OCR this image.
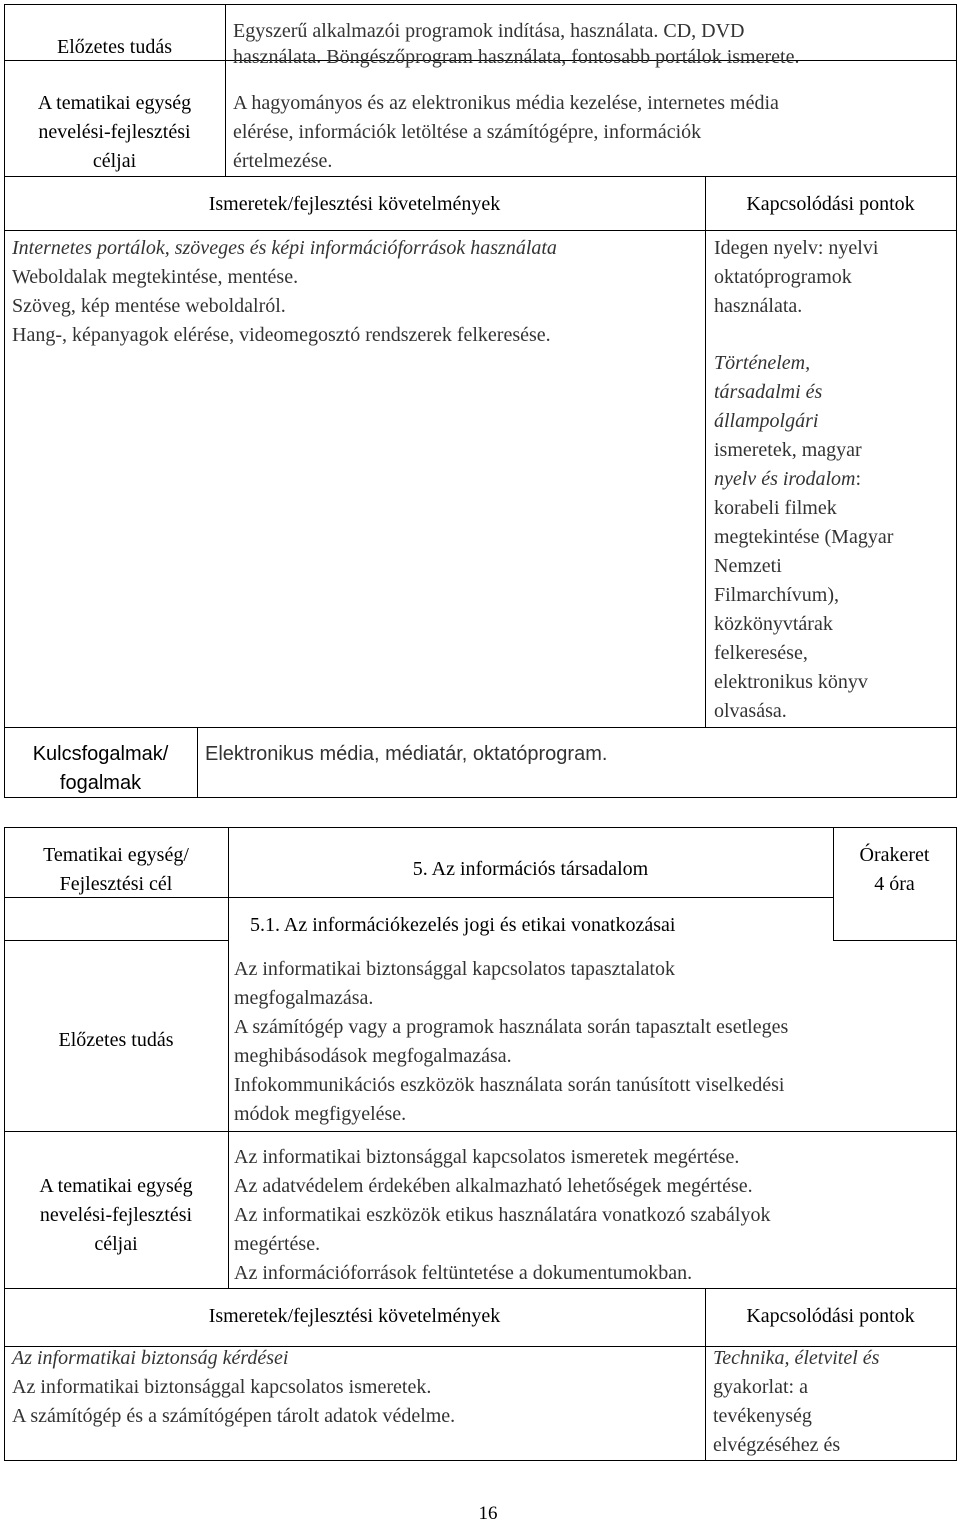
Előzetes tudás
Egyszerű alkalmazói programok indítása, használata. CD, DVD
használata. Böngészőprogram használata, fontosabb portálok ismerete.
A tematikai egység
nevelési-fejlesztési
céljai
A hagyományos és az elektronikus média kezelése, internetes média
elérése, információk letöltése a számítógépre, információk
értelmezése.
Ismeretek/fejlesztési követelmények	Kapcsolódási pontok
Internetes portálok, szöveges és képi információforrások használata
Weboldalak megtekintése, mentése.
Szöveg, kép mentése weboldalról.
Hang-, képanyagok elérése, videomegosztó rendszerek felkeresése.
Idegen nyelv: nyelvi
oktatóprogramok
használata.
Történelem,
társadalmi és
állampolgári
ismeretek, magyar
nyelv és irodalom:
korabeli filmek
megtekintése (Magyar
Nemzeti
Filmarchívum),
közkönyvtárak
felkeresése,
elektronikus könyv
olvasása.
Kulcsfogalmak/
fogalmak
Elektronikus média, médiatár, oktatóprogram.
Tematikai egység/
Fejlesztési cél
5. Az információs társadalom
Órakeret
4 óra
5.1. Az információkezelés jogi és etikai vonatkozásai
Előzetes tudás
Az informatikai biztonsággal kapcsolatos tapasztalatok
megfogalmazása.
A számítógép vagy a programok használata során tapasztalt esetleges
meghibásodások megfogalmazása.
Infokommunikációs eszközök használata során tanúsított viselkedési
módok megfigyelése.
A tematikai egység
nevelési-fejlesztési
céljai
Az informatikai biztonsággal kapcsolatos ismeretek megértése.
Az adatvédelem érdekében alkalmazható lehetőségek megértése.
Az informatikai eszközök etikus használatára vonatkozó szabályok
megértése.
Az információforrások feltüntetése a dokumentumokban.
Ismeretek/fejlesztési követelmények	Kapcsolódási pontok
Az informatikai biztonság kérdései
Az informatikai biztonsággal kapcsolatos ismeretek.
A számítógép és a számítógépen tárolt adatok védelme.
Technika, életvitel és
gyakorlat: a
tevékenység
elvégzéséhez és
16
